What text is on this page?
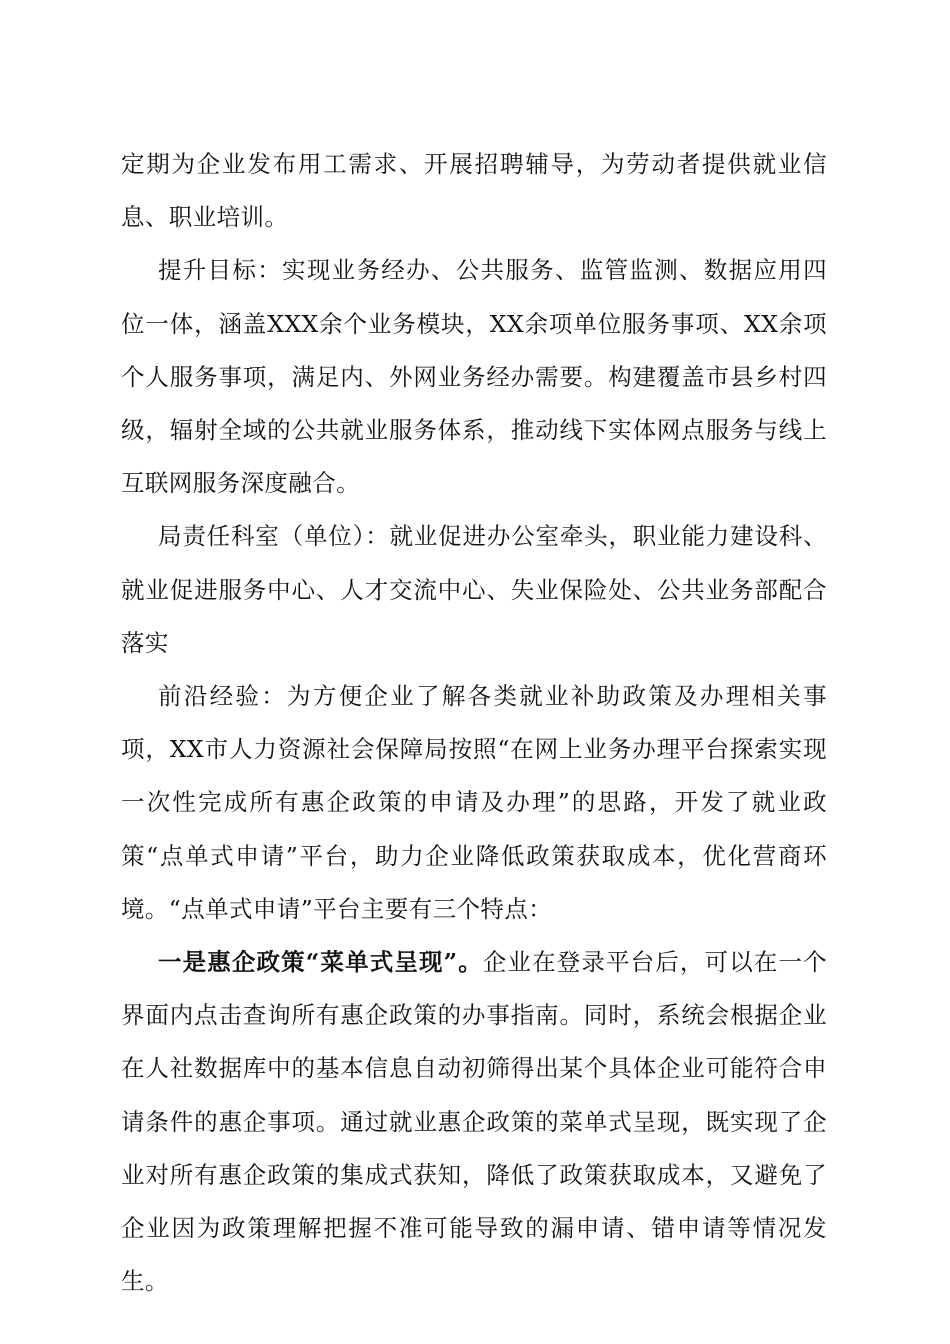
定期为企业发布用工需求、开展招聘辅导，为劳动者提供就业信息、职业培训。

提升目标：实现业务经办、公共服务、监管监测、数据应用四位一体，涵盖XXX余个业务模块，XX余项单位服务事项、XX余项个人服务事项，满足内、外网业务经办需要。构建覆盖市县乡村四级，辐射全域的公共就业服务体系，推动线下实体网点服务与线上互联网服务深度融合。

局责任科室（单位）：就业促进办公室牵头，职业能力建设科、就业促进服务中心、人才交流中心、失业保险处、公共业务部配合落实

前沿经验：为方便企业了解各类就业补助政策及办理相关事项，XX市人力资源社会保障局按照“在网上业务办理平台探索实现一次性完成所有惠企政策的申请及办理”的思路，开发了就业政策“点单式申请”平台，助力企业降低政策获取成本，优化营商环境。“点单式申请”平台主要有三个特点：

一是惠企政策“菜单式呈现”。企业在登录平台后，可以在一个界面内点击查询所有惠企政策的办事指南。同时，系统会根据企业在人社数据库中的基本信息自动初筛得出某个具体企业可能符合申请条件的惠企事项。通过就业惠企政策的菜单式呈现，既实现了企业对所有惠企政策的集成式获知，降低了政策获取成本，又避免了企业因为政策理解把握不准可能导致的漏申请、错申请等情况发生。
